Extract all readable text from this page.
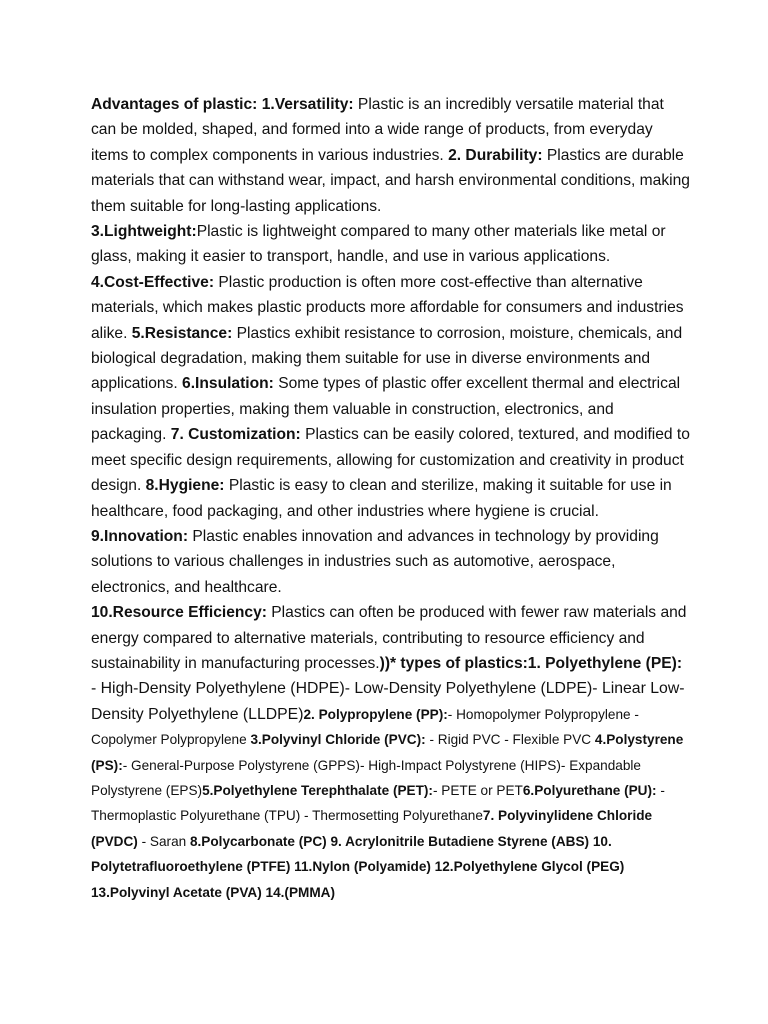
Advantages of plastic: 1.Versatility: Plastic is an incredibly versatile material that can be molded, shaped, and formed into a wide range of products, from everyday items to complex components in various industries. 2. Durability: Plastics are durable materials that can withstand wear, impact, and harsh environmental conditions, making them suitable for long-lasting applications.
3.Lightweight:Plastic is lightweight compared to many other materials like metal or glass, making it easier to transport, handle, and use in various applications.
4.Cost-Effective: Plastic production is often more cost-effective than alternative materials, which makes plastic products more affordable for consumers and industries alike. 5.Resistance: Plastics exhibit resistance to corrosion, moisture, chemicals, and biological degradation, making them suitable for use in diverse environments and applications. 6.Insulation: Some types of plastic offer excellent thermal and electrical insulation properties, making them valuable in construction, electronics, and packaging. 7. Customization: Plastics can be easily colored, textured, and modified to meet specific design requirements, allowing for customization and creativity in product design. 8.Hygiene: Plastic is easy to clean and sterilize, making it suitable for use in healthcare, food packaging, and other industries where hygiene is crucial. 9.Innovation: Plastic enables innovation and advances in technology by providing solutions to various challenges in industries such as automotive, aerospace, electronics, and healthcare.
10.Resource Efficiency: Plastics can often be produced with fewer raw materials and energy compared to alternative materials, contributing to resource efficiency and sustainability in manufacturing processes.))* types of plastics:1. Polyethylene (PE): - High-Density Polyethylene (HDPE)- Low-Density Polyethylene (LDPE)- Linear Low-Density Polyethylene (LLDPE)2. Polypropylene (PP):- Homopolymer Polypropylene - Copolymer Polypropylene 3.Polyvinyl Chloride (PVC): - Rigid PVC - Flexible PVC 4.Polystyrene (PS):- General-Purpose Polystyrene (GPPS)- High-Impact Polystyrene (HIPS)- Expandable Polystyrene (EPS)5.Polyethylene Terephthalate (PET):- PETE or PET6.Polyurethane (PU): - Thermoplastic Polyurethane (TPU) - Thermosetting Polyurethane7. Polyvinylidene Chloride (PVDC) - Saran 8.Polycarbonate (PC) 9. Acrylonitrile Butadiene Styrene (ABS) 10. Polytetrafluoroethylene (PTFE) 11.Nylon (Polyamide) 12.Polyethylene Glycol (PEG) 13.Polyvinyl Acetate (PVA) 14.(PMMA)
